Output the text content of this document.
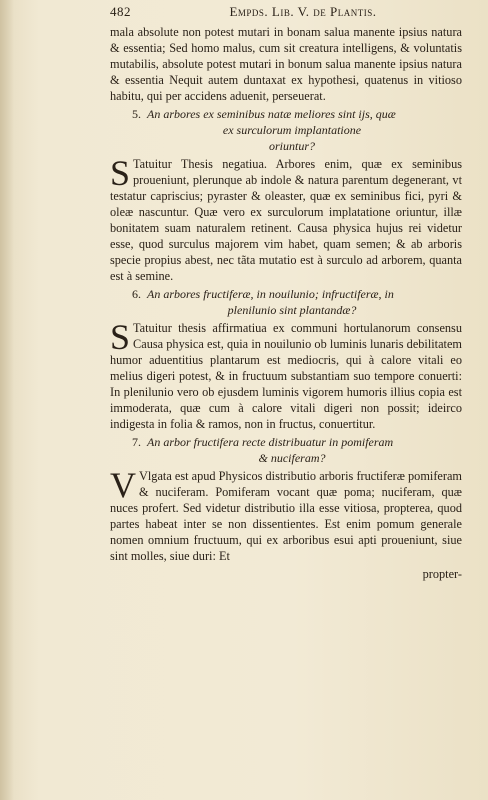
482	Empds. Lib. V. de Plantis.

mala absolute non potest mutari in bonam salua manente ipsius natura & essentia; Sed homo malus, cum sit creatura intelligens, & voluntatis mutabilis, absolute potest mutari in bonum salua manente ipsius natura & essentia Nequit autem duntaxat ex hypothesi, quatenus in vitioso habitu, qui per accidens aduenit, perseuerat.

5. An arbores ex seminibus natæ meliores sint ijs, quæ
ex surculorum implantatione
oriuntur?

S Tatuitur Thesis negatiua. Arbores enim, quæ ex seminibus proueniunt, plerunque ab indole & natura parentum degenerant, vt testatur capriscius; pyraster & oleaster, quæ ex seminibus fici, pyri & oleæ nascuntur. Quæ vero ex surculorum implatatione oriuntur, illæ bonitatem suam naturalem retinent. Causa physica hujus rei videtur esse, quod surculus majorem vim habet, quam semen; & ab arboris specie propius abest, nec tãta mutatio est à surculo ad arborem, quanta est à semine.

6. An arbores fructiferæ, in nouilunio; infructiferæ, in
plenilunio sint plantandæ?

S Tatuitur thesis affirmatiua ex communi hortulanorum consensu Causa physica est, quia in nouilunio ob luminis lunaris debilitatem humor aduentitius plantarum est mediocris, qui à calore vitali eo melius digeri potest, & in fructuum substantiam suo tempore conuerti: In plenilunio vero ob ejusdem luminis vigorem humoris illius copia est immoderata, quæ cum à calore vitali digeri non possit; ideirco indigesta in folia & ramos, non in fructus, conuertitur.

7. An arbor fructifera recte distribuatur in pomiferam
& nuciferam?

V Vlgata est apud Physicos distributio arboris fructiferæ pomiferam & nuciferam. Pomiferam vocant quæ poma; nuciferam, quæ nuces profert. Sed videtur distributio illa esse vitiosa, propterea, quod partes habeat inter se non dissentientes. Est enim pomum generale nomen omnium fructuum, qui ex arboribus esui apti proueniunt, siue sint molles, siue duri: Et

propter-
